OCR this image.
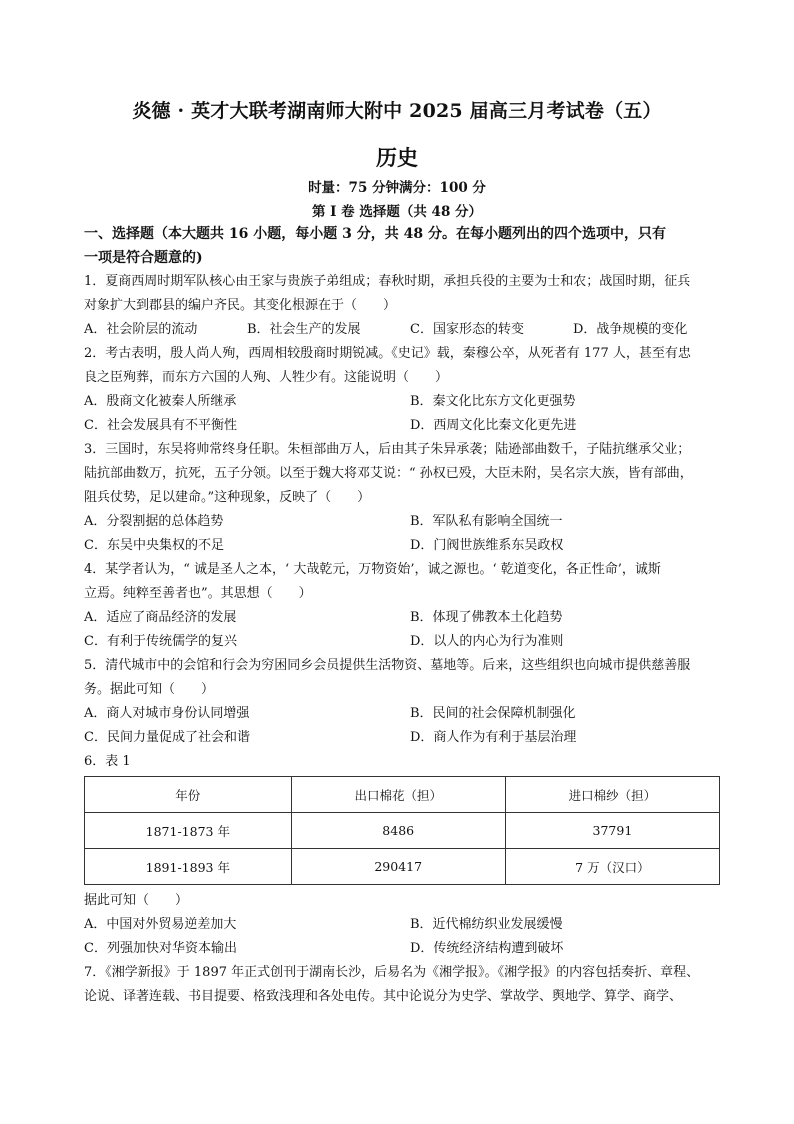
炎德 · 英才大联考湖南师大附中 2025 届高三月考试卷（五）
历史
时量：75 分钟满分：100 分
第 Ⅰ 卷 选择题（共 48 分）

一、选择题（本大题共 16 小题，每小题 3 分，共 48 分。在每小题列出的四个选项中，只有

一项是符合题意的)

1．夏商西周时期军队核心由王家与贵族子弟组成；春秋时期，承担兵役的主要为士和农；战国时期，征兵

对象扩大到郡县的编户齐民。其变化根源在于（　　）

A．社会阶层的流动	B．社会生产的发展	C．国家形态的转变	D．战争规模的变化

2．考古表明，殷人尚人殉，西周相较殷商时期锐减。《史记》载，秦穆公卒，从死者有 177 人，甚至有忠

良之臣殉葬，而东方六国的人殉、人牲少有。这能说明（　　）

A．殷商文化被秦人所继承	B．秦文化比东方文化更强势
C．社会发展具有不平衡性	D．西周文化比秦文化更先进

3．三国时，东吴将帅常终身任职。朱桓部曲万人，后由其子朱异承袭；陆逊部曲数千，子陆抗继承父业；

陆抗部曲数万，抗死，五子分领。以至于魏大将邓艾说：“ 孙权已殁，大臣未附，吴名宗大族，皆有部曲，

阻兵仗势，足以建命。”这种现象，反映了（　　）

A．分裂割据的总体趋势	B．军队私有影响全国统一
C．东吴中央集权的不足	D．门阀世族维系东吴政权

4．某学者认为，“ 诚是圣人之本，‘ 大哉乾元，万物资始’，诚之源也。‘ 乾道变化，各正性命’，诚斯

立焉。纯粹至善者也”。其思想（　　）

A．适应了商品经济的发展	B．体现了佛教本土化趋势
C．有利于传统儒学的复兴	D．以人的内心为行为准则

5．清代城市中的会馆和行会为穷困同乡会员提供生活物资、墓地等。后来，这些组织也向城市提供慈善服

务。据此可知（　　）

A．商人对城市身份认同增强	B．民间的社会保障机制强化
C．民间力量促成了社会和谐	D．商人作为有利于基层治理

6．表 1

年份	出口棉花（担）	进口棉纱（担）
1871-1873 年	8486	37791
1891-1893 年	290417	7 万（汉口）

据此可知（　　）

A．中国对外贸易逆差加大	B．近代棉纺织业发展缓慢
C．列强加快对华资本输出	D．传统经济结构遭到破坏

7．《湘学新报》于 1897 年正式创刊于湖南长沙，后易名为《湘学报》。《湘学报》的内容包括奏折、章程、

论说、译著连载、书目提要、格致浅理和各处电传。其中论说分为史学、掌故学、舆地学、算学、商学、
